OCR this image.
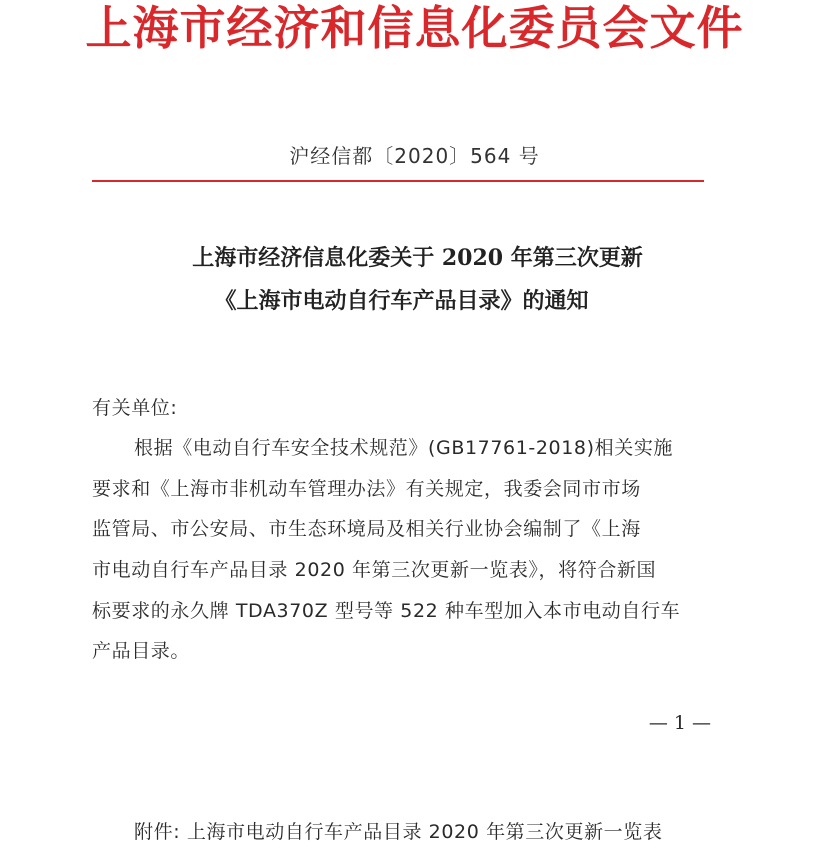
上海市经济和信息化委员会文件
沪经信都〔2020〕564 号
上海市经济信息化委关于 2020 年第三次更新
《上海市电动自行车产品目录》的通知
有关单位:
根据《电动自行车安全技术规范》(GB17761-2018)相关实施
要求和《上海市非机动车管理办法》有关规定，我委会同市市场
监管局、市公安局、市生态环境局及相关行业协会编制了《上海
市电动自行车产品目录 2020 年第三次更新一览表》，将符合新国
标要求的永久牌 TDA370Z 型号等 522 种车型加入本市电动自行车
产品目录。
— 1 —
附件: 上海市电动自行车产品目录 2020 年第三次更新一览表
